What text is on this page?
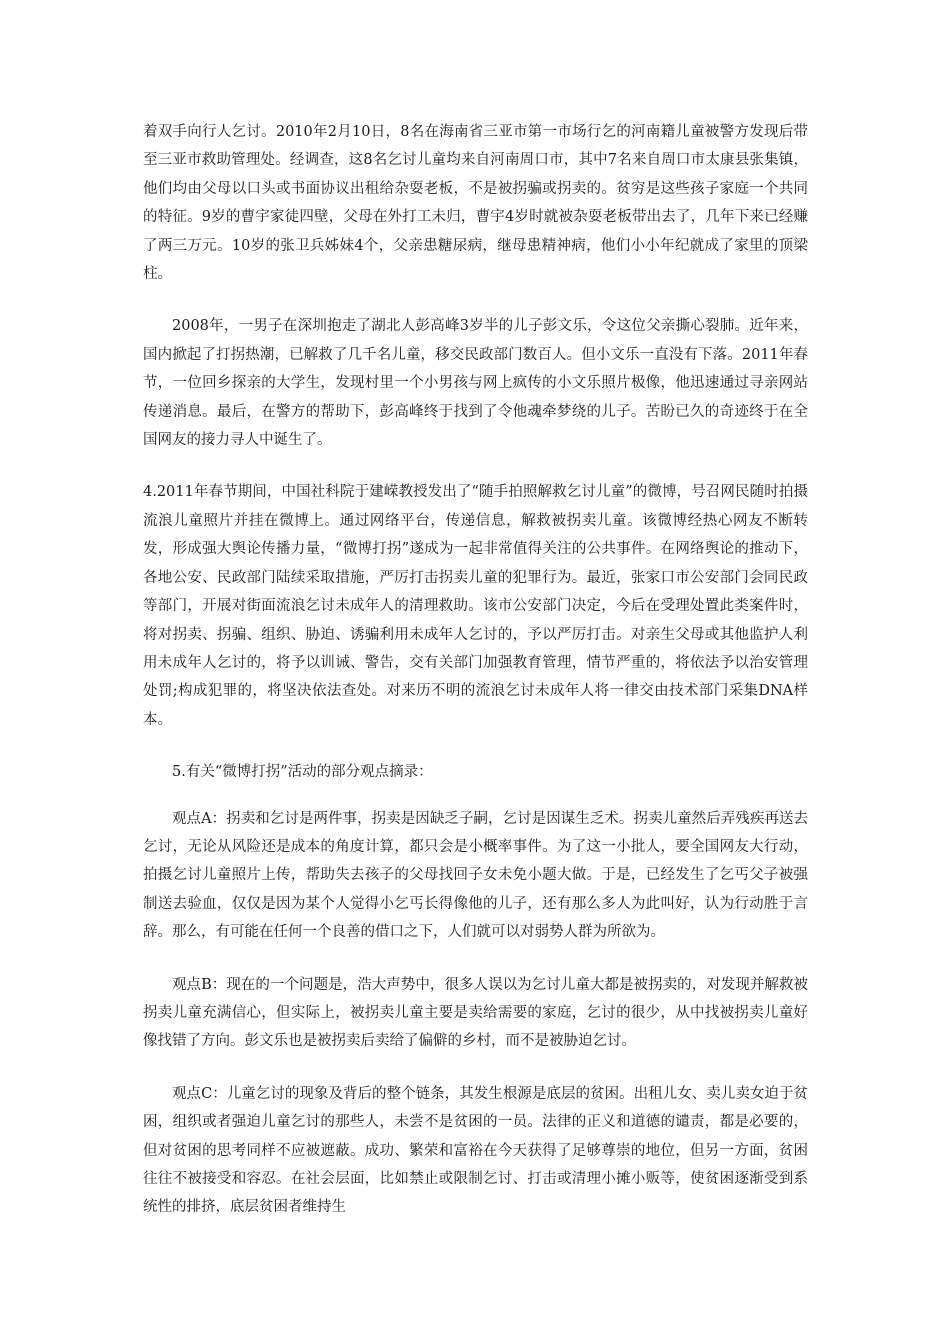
着双手向行人乞讨。2010年2月10日，8名在海南省三亚市第一市场行乞的河南籍儿童被警方发现后带至三亚市救助管理处。经调查，这8名乞讨儿童均来自河南周口市，其中7名来自周口市太康县张集镇，他们均由父母以口头或书面协议出租给杂耍老板，不是被拐骗或拐卖的。贫穷是这些孩子家庭一个共同的特征。9岁的曹宇家徒四壁，父母在外打工未归，曹宇4岁时就被杂耍老板带出去了，几年下来已经赚了两三万元。10岁的张卫兵姊妹4个，父亲患糖尿病，继母患精神病，他们小小年纪就成了家里的顶梁柱。

2008年，一男子在深圳抱走了湖北人彭高峰3岁半的儿子彭文乐，令这位父亲撕心裂肺。近年来，国内掀起了打拐热潮，已解救了几千名儿童，移交民政部门数百人。但小文乐一直没有下落。2011年春节，一位回乡探亲的大学生，发现村里一个小男孩与网上疯传的小文乐照片极像，他迅速通过寻亲网站传递消息。最后，在警方的帮助下，彭高峰终于找到了令他魂牵梦绕的儿子。苦盼已久的奇迹终于在全国网友的接力寻人中诞生了。

4.2011年春节期间，中国社科院于建嵘教授发出了“随手拍照解救乞讨儿童”的微博，号召网民随时拍摄流浪儿童照片并挂在微博上。通过网络平台，传递信息，解救被拐卖儿童。该微博经热心网友不断转发，形成强大舆论传播力量，“微博打拐”遂成为一起非常值得关注的公共事件。在网络舆论的推动下，各地公安、民政部门陆续采取措施，严厉打击拐卖儿童的犯罪行为。最近，张家口市公安部门会同民政等部门，开展对街面流浪乞讨未成年人的清理救助。该市公安部门决定，今后在受理处置此类案件时，将对拐卖、拐骗、组织、胁迫、诱骗利用未成年人乞讨的，予以严厉打击。对亲生父母或其他监护人利用未成年人乞讨的，将予以训诫、警告，交有关部门加强教育管理，情节严重的，将依法予以治安管理处罚;构成犯罪的，将坚决依法查处。对来历不明的流浪乞讨未成年人将一律交由技术部门采集DNA样本。

5.有关“微博打拐”活动的部分观点摘录：

观点A：拐卖和乞讨是两件事，拐卖是因缺乏子嗣，乞讨是因谋生乏术。拐卖儿童然后弄残疾再送去乞讨，无论从风险还是成本的角度计算，都只会是小概率事件。为了这一小批人，要全国网友大行动，拍摄乞讨儿童照片上传，帮助失去孩子的父母找回子女未免小题大做。于是，已经发生了乞丐父子被强制送去验血，仅仅是因为某个人觉得小乞丐长得像他的儿子，还有那么多人为此叫好，认为行动胜于言辞。那么，有可能在任何一个良善的借口之下，人们就可以对弱势人群为所欲为。

观点B：现在的一个问题是，浩大声势中，很多人误以为乞讨儿童大都是被拐卖的，对发现并解救被拐卖儿童充满信心，但实际上，被拐卖儿童主要是卖给需要的家庭，乞讨的很少，从中找被拐卖儿童好像找错了方向。彭文乐也是被拐卖后卖给了偏僻的乡村，而不是被胁迫乞讨。

观点C：儿童乞讨的现象及背后的整个链条，其发生根源是底层的贫困。出租儿女、卖儿卖女迫于贫困，组织或者强迫儿童乞讨的那些人，未尝不是贫困的一员。法律的正义和道德的谴责，都是必要的，但对贫困的思考同样不应被遮蔽。成功、繁荣和富裕在今天获得了足够尊崇的地位，但另一方面，贫困往往不被接受和容忍。在社会层面，比如禁止或限制乞讨、打击或清理小摊小贩等，使贫困逐渐受到系统性的排挤，底层贫困者维持生
